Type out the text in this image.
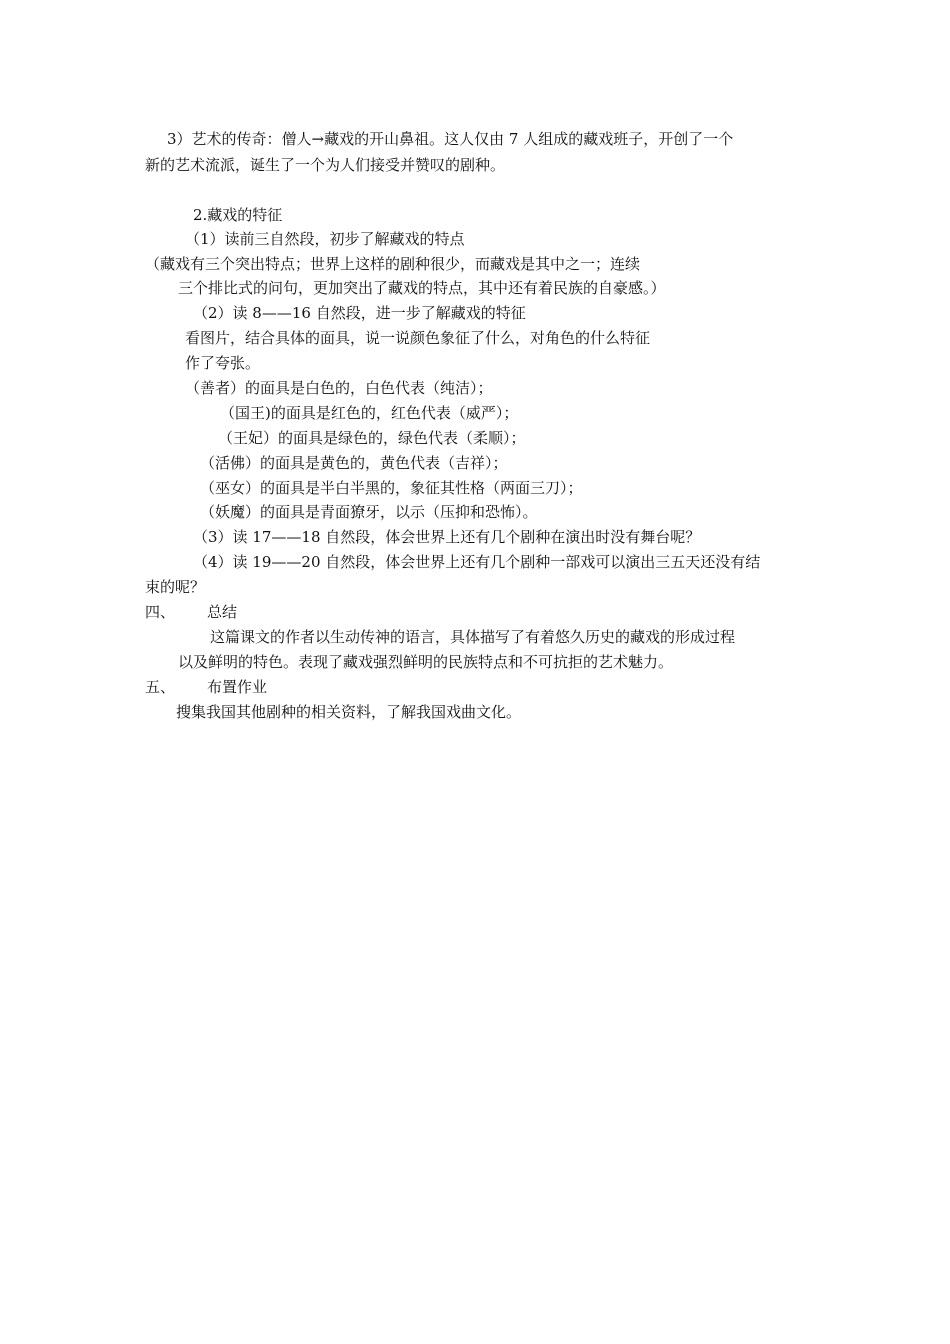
3）艺术的传奇：僧人→藏戏的开山鼻祖。这人仅由 7 人组成的藏戏班子，开创了一个
新的艺术流派，诞生了一个为人们接受并赞叹的剧种。
2.藏戏的特征
（1）读前三自然段，初步了解藏戏的特点
（藏戏有三个突出特点；世界上这样的剧种很少，而藏戏是其中之一；连续
三个排比式的问句，更加突出了藏戏的特点，其中还有着民族的自豪感。）
（2）读 8——16 自然段，进一步了解藏戏的特征
看图片，结合具体的面具，说一说颜色象征了什么，对角色的什么特征
作了夸张。
（善者）的面具是白色的，白色代表（纯洁）；
（国王)的面具是红色的，红色代表（威严）；
（王妃）的面具是绿色的，绿色代表（柔顺）；
（活佛）的面具是黄色的，黄色代表（吉祥）；
（巫女）的面具是半白半黑的，象征其性格（两面三刀）；
（妖魔）的面具是青面獠牙，以示（压抑和恐怖）。
（3）读 17——18 自然段，体会世界上还有几个剧种在演出时没有舞台呢？
（4）读 19——20 自然段，体会世界上还有几个剧种一部戏可以演出三五天还没有结
束的呢？
四、 总结
这篇课文的作者以生动传神的语言，具体描写了有着悠久历史的藏戏的形成过程
以及鲜明的特色。表现了藏戏强烈鲜明的民族特点和不可抗拒的艺术魅力。
五、 布置作业
搜集我国其他剧种的相关资料，了解我国戏曲文化。
